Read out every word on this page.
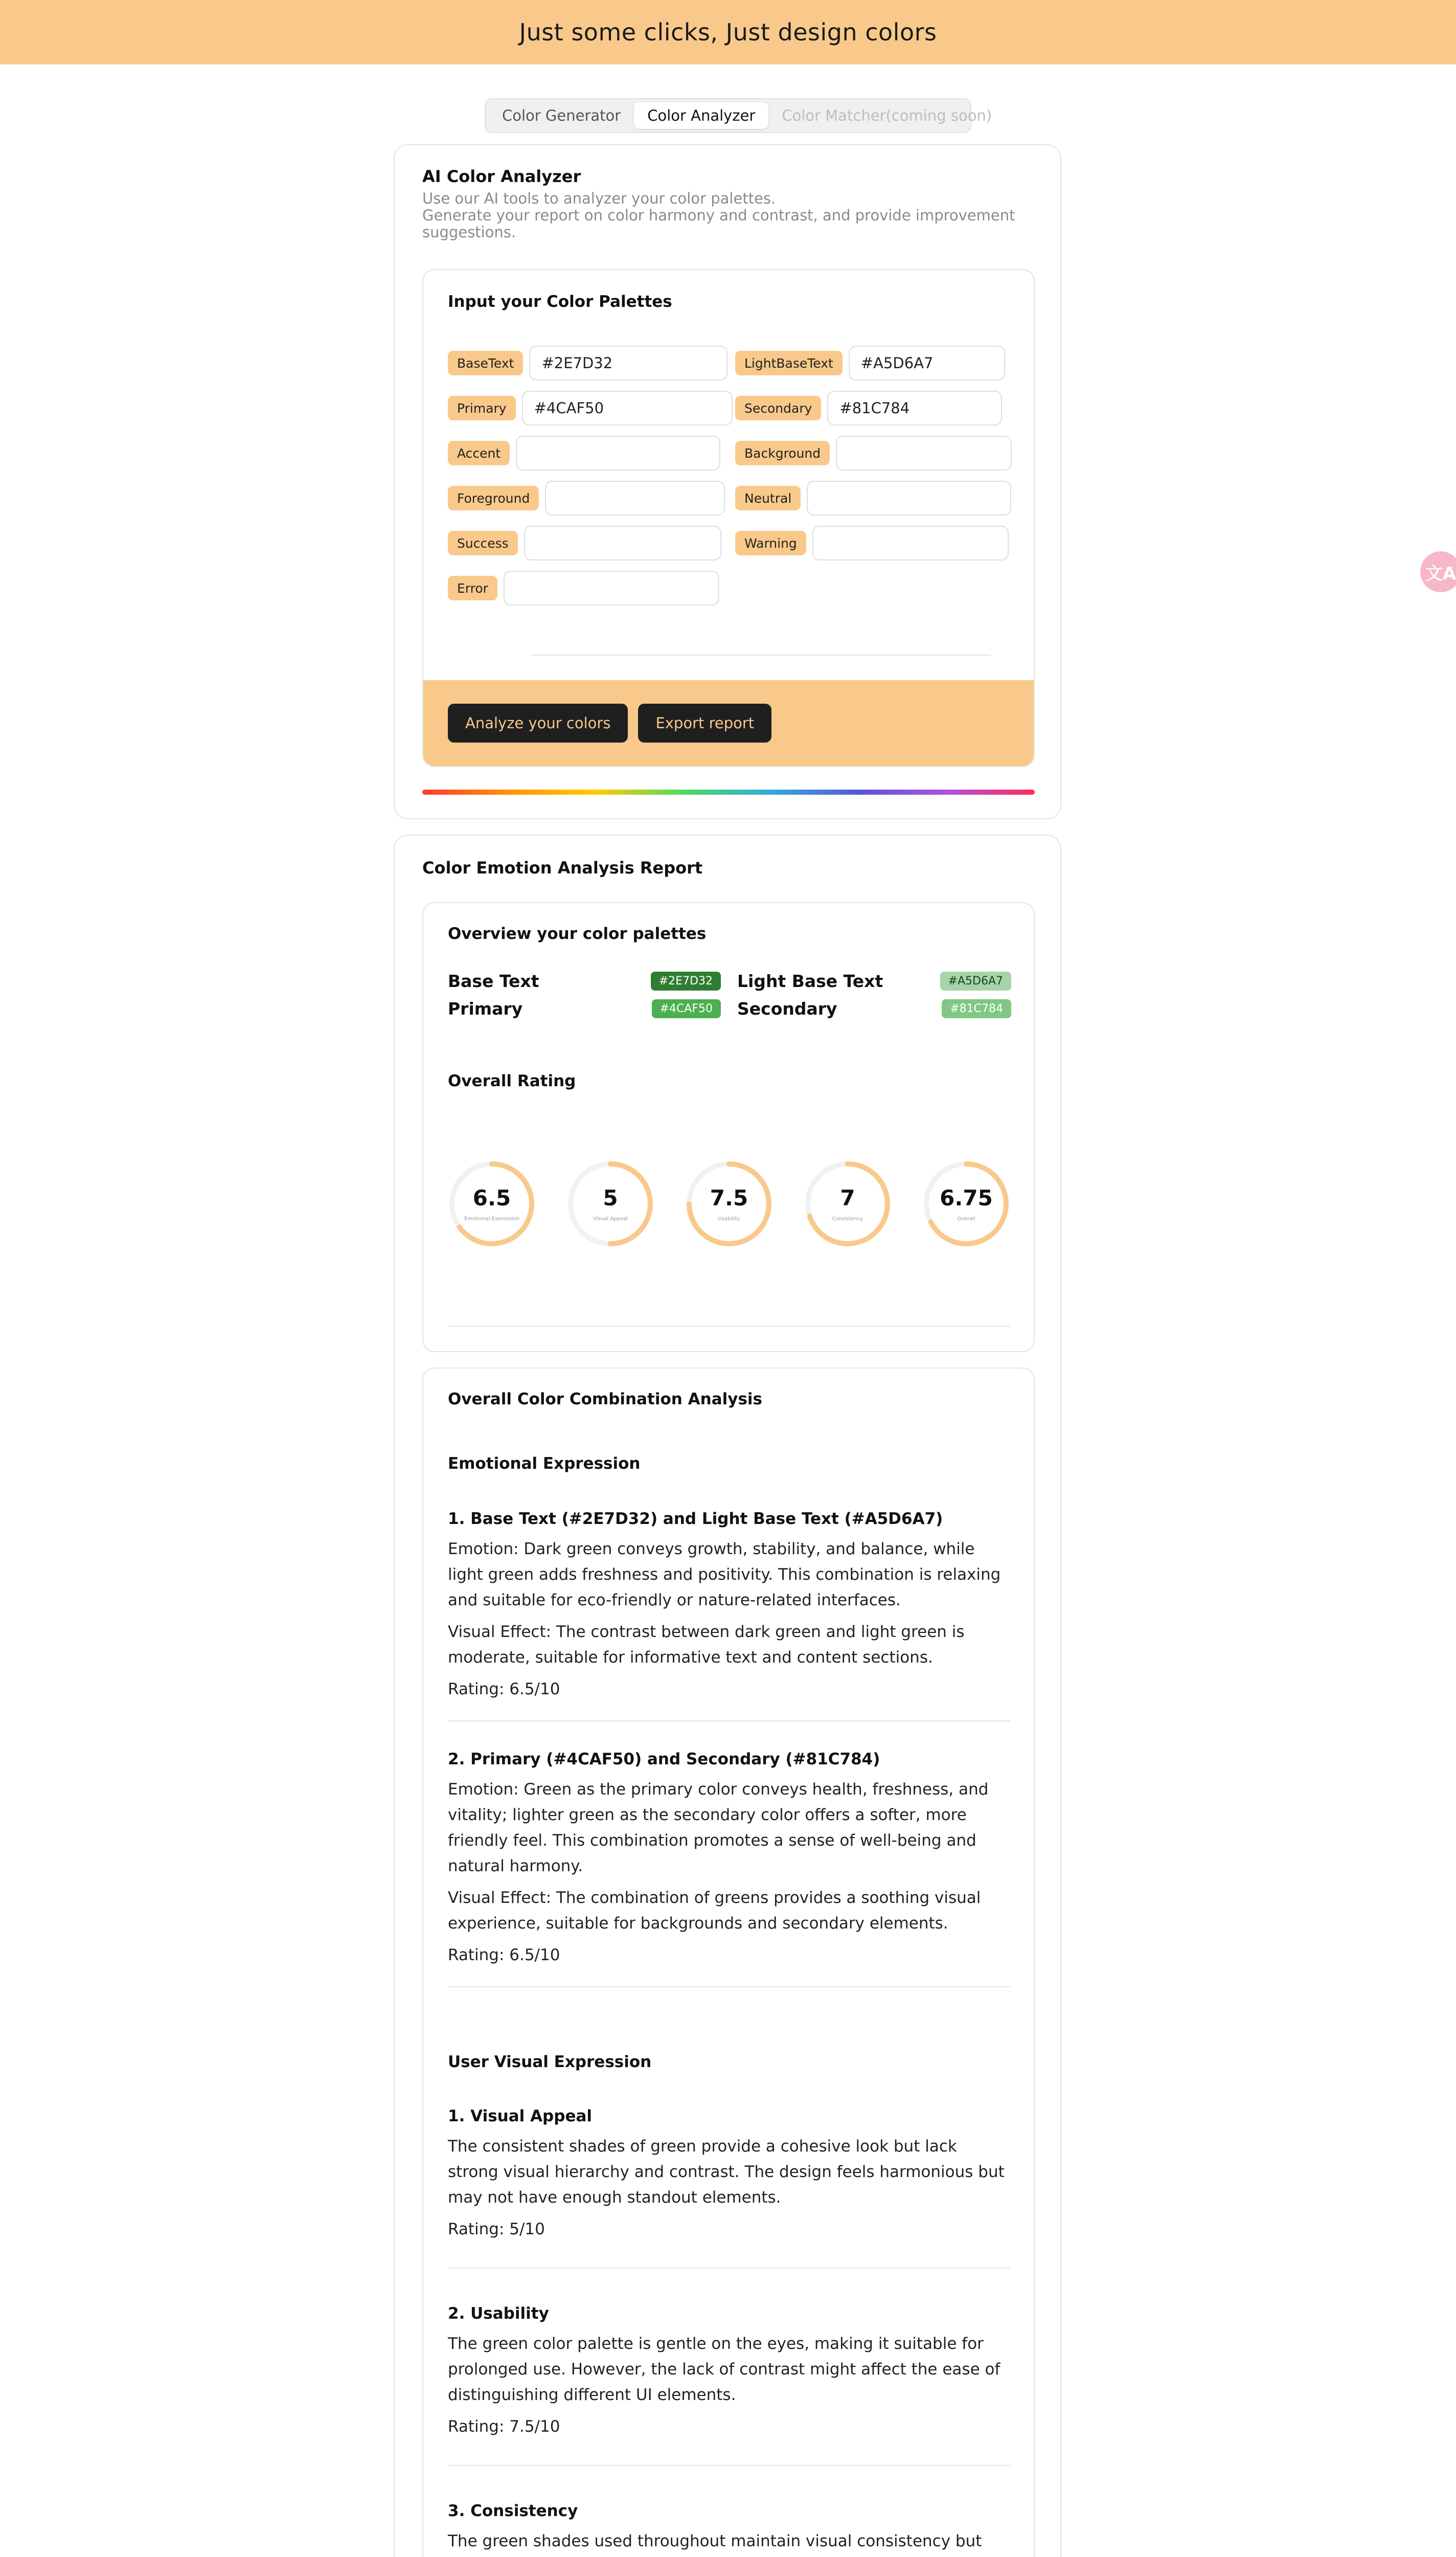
Just some clicks, Just design colors
Color Generator	Color Analyzer	Color Matcher(coming soon)
AI Color Analyzer
Use our AI tools to analyzer your color palettes.
Generate your report on color harmony and contrast, and provide improvement suggestions.
Input your Color Palettes
BaseText	#2E7D32	LightBaseText	#A5D6A7
Primary	#4CAF50	Secondary	#81C784
Accent	Background
Foreground	Neutral
Success	Warning
Error
Analyze your colors	Export report
Color Emotion Analysis Report
Overview your color palettes
Base Text	#2E7D32	Light Base Text	#A5D6A7
Primary	#4CAF50	Secondary	#81C784
Overall Rating
6.5
Emotional Expression
5
Visual Appeal
7.5
Usability
7
Consistency
6.75
Overall
Overall Color Combination Analysis
Emotional Expression
1. Base Text (#2E7D32) and Light Base Text (#A5D6A7)
Emotion: Dark green conveys growth, stability, and balance, while light green adds freshness and positivity. This combination is relaxing and suitable for eco-friendly or nature-related interfaces.
Visual Effect: The contrast between dark green and light green is moderate, suitable for informative text and content sections.
Rating: 6.5/10
2. Primary (#4CAF50) and Secondary (#81C784)
Emotion: Green as the primary color conveys health, freshness, and vitality; lighter green as the secondary color offers a softer, more friendly feel. This combination promotes a sense of well-being and natural harmony.
Visual Effect: The combination of greens provides a soothing visual experience, suitable for backgrounds and secondary elements.
Rating: 6.5/10
User Visual Expression
1. Visual Appeal
The consistent shades of green provide a cohesive look but lack strong visual hierarchy and contrast. The design feels harmonious but may not have enough standout elements.
Rating: 5/10
2. Usability
The green color palette is gentle on the eyes, making it suitable for prolonged use. However, the lack of contrast might affect the ease of distinguishing different UI elements.
Rating: 7.5/10
3. Consistency
The green shades used throughout maintain visual consistency but
文A
